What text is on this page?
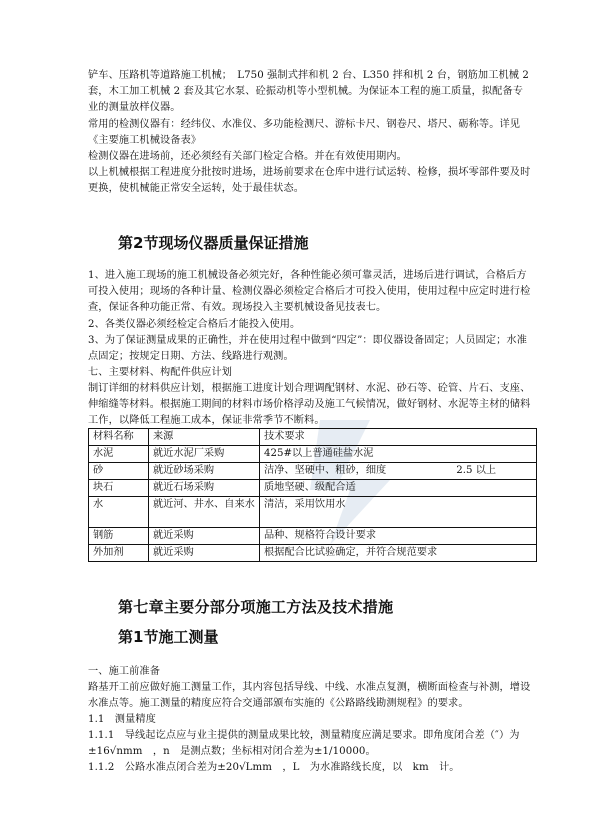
铲车、压路机等道路施工机械；　L750 强制式拌和机 2 台、L350 拌和机 2 台，钢筋加工机械 2 套，木工加工机械 2 套及其它水泵、砼振动机等小型机械。为保证本工程的施工质量，拟配备专业的测量放样仪器。

常用的检测仪器有：经纬仪、水准仪、多功能检测尺、游标卡尺、钢卷尺、塔尺、砺称等。详见《主要施工机械设备表》

检测仪器在进场前，还必须经有关部门检定合格。并在有效使用期内。

以上机械根据工程进度分批按时进场，进场前要求在仓库中进行试运转、检修，损坏零部件要及时更换，使机械能正常安全运转，处于最佳状态。

第2节现场仪器质量保证措施

1、进入施工现场的施工机械设备必须完好，各种性能必须可靠灵活，进场后进行调试，合格后方可投入使用；现场的各种计量、检测仪器必须检定合格后才可投入使用，使用过程中应定时进行检查，保证各种功能正常、有效。现场投入主要机械设备见技表七。

2、各类仪器必须经检定合格后才能投入使用。

3、为了保证测量成果的正确性，并在使用过程中做到“四定”：即仪器设备固定；人员固定；水准点固定；按规定日期、方法、线路进行观测。

七、主要材料、构配件供应计划

制订详细的材料供应计划，根据施工进度计划合理调配钢材、水泥、砂石等、砼管、片石、支座、伸缩缝等材料。根据施工期间的材料市场价格浮动及施工气候情况，做好钢材、水泥等主材的储料工作，以降低工程施工成本，保证非常季节不断料。

材料名称	来源	技术要求
水泥	就近水泥厂采购	425#以上普通硅盐水泥
砂	就近砂场采购	洁净、坚硬中、粗砂，细度 2.5 以上
块石	就近石场采购	质地坚硬、级配合适
水	就近河、井水、自来水	清洁，采用饮用水
钢筋	就近采购	品种、规格符合设计要求
外加剂	就近采购	根据配合比试验确定，并符合规范要求
第七章主要分部分项施工方法及技术措施
第1节施工测量

一、施工前准备

路基开工前应做好施工测量工作，其内容包括导线、中线、水准点复测，横断面检查与补测，增设水准点等。施工测量的精度应符合交通部颁布实施的《公路路线勘测规程》的要求。

1.1　测量精度

1.1.1　导线起讫点应与业主提供的测量成果比较，测量精度应满足要求。即角度闭合差（″）为±16√nmm　，n　是测点数；坐标相对闭合差为±1/10000。

1.1.2　公路水准点闭合差为±20√Lmm　，L　为水准路线长度，以　km　计。
